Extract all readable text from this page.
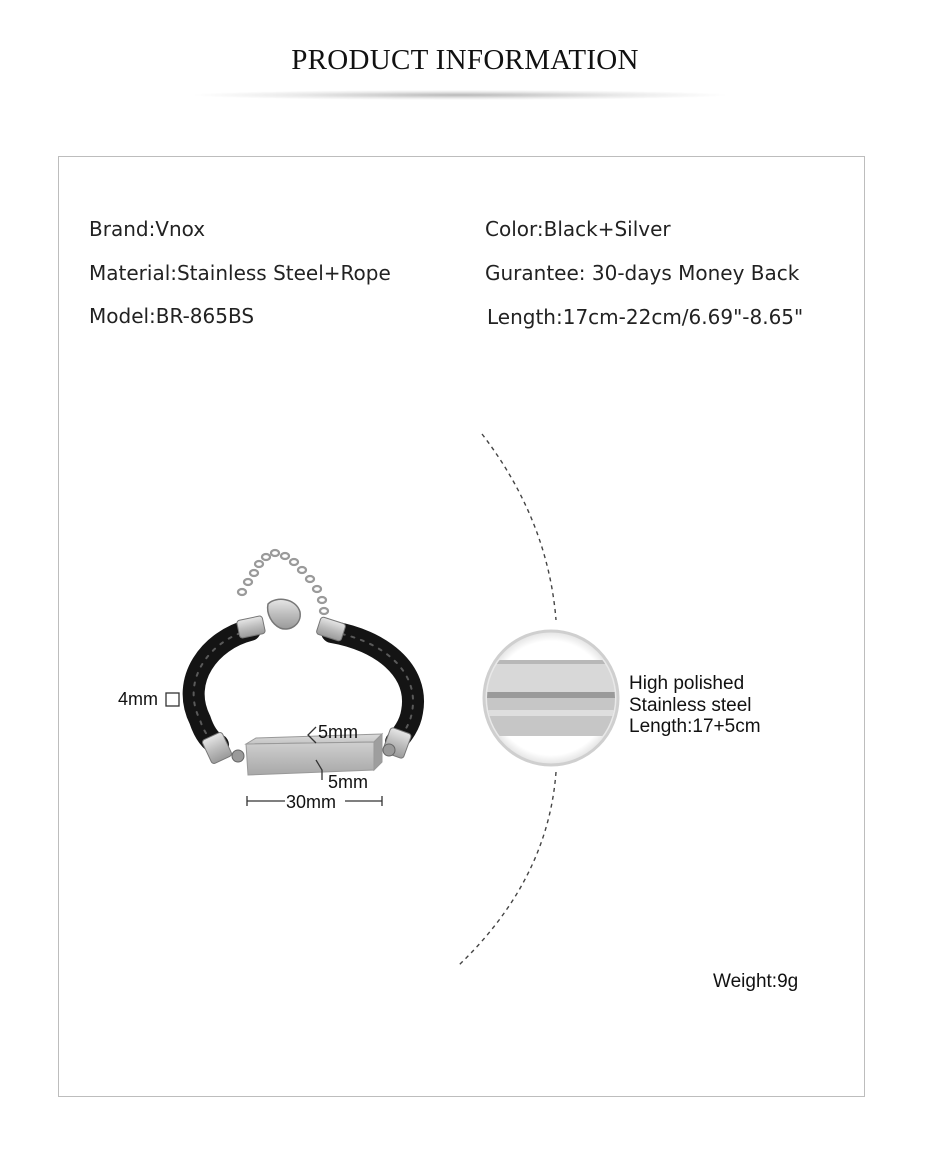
PRODUCT INFORMATION
Brand:Vnox	Color:Black+Silver
Material:Stainless Steel+Rope	Gurantee: 30-days Money Back
Model:BR-865BS	Length:17cm-22cm/6.69"-8.65"
4mm
5mm
5mm
30mm
High polished
Stainless steel
Length:17+5cm
Weight:9g
